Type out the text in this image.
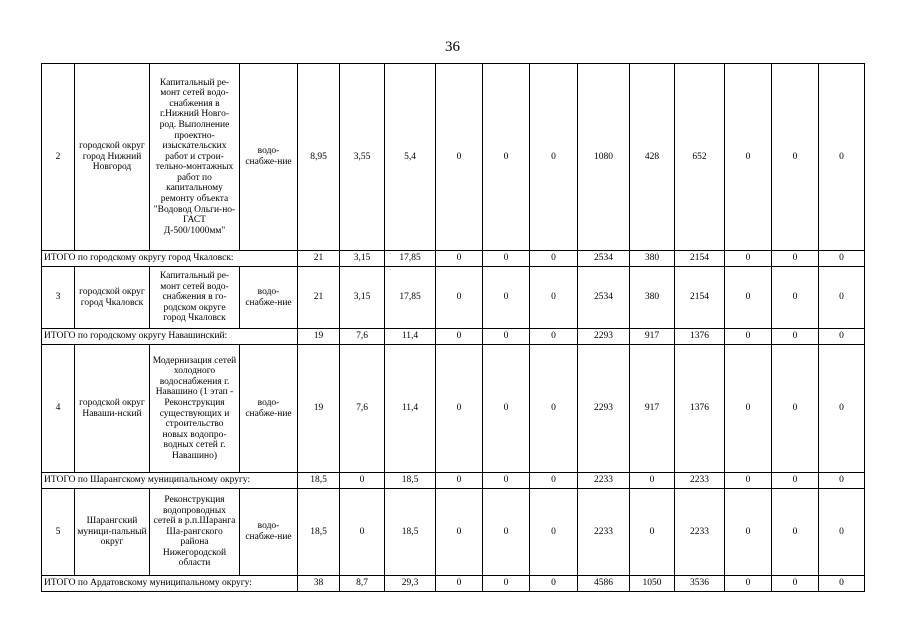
36
2	городской округ город Нижний Новгород	Капитальный ре-монт сетей водо-снабжения в г.Нижний Новго-род. Выполнение проектно-изыскательских работ и строи-тельно-монтажных работ по капитальному ремонту объекта "Водовод Ольги-но-ГАСТ Д-500/1000мм"	водо-снабже-ние	8,95	3,55	5,4	0	0	0	1080	428	652	0	0	0
ИТОГО по городскому округу город Чкаловск:				21	3,15	17,85	0	0	0	2534	380	2154	0	0	0
3	городской округ город Чкаловск	Капитальный ре-монт сетей водо-снабжения в го-родском округе город Чкаловск	водо-снабже-ние	21	3,15	17,85	0	0	0	2534	380	2154	0	0	0
ИТОГО по городскому округу Навашинский:				19	7,6	11,4	0	0	0	2293	917	1376	0	0	0
4	городской округ Наваши-нский	Модернизация сетей холодного водоснабжения г. Навашино (1 этап - Реконструкция существующих и строительство новых водопро-водных сетей г. Навашино)	водо-снабже-ние	19	7,6	11,4	0	0	0	2293	917	1376	0	0	0
ИТОГО по Шарангскому муниципальному округу:				18,5	0	18,5	0	0	0	2233	0	2233	0	0	0
5	Шарангский муници-пальный округ	Реконструкция водопроводных сетей в р.п.Шаранга Ша-рангского района Нижегородской области	водо-снабже-ние	18,5	0	18,5	0	0	0	2233	0	2233	0	0	0
ИТОГО по Ардатовскому муниципальному округу:				38	8,7	29,3	0	0	0	4586	1050	3536	0	0	0
